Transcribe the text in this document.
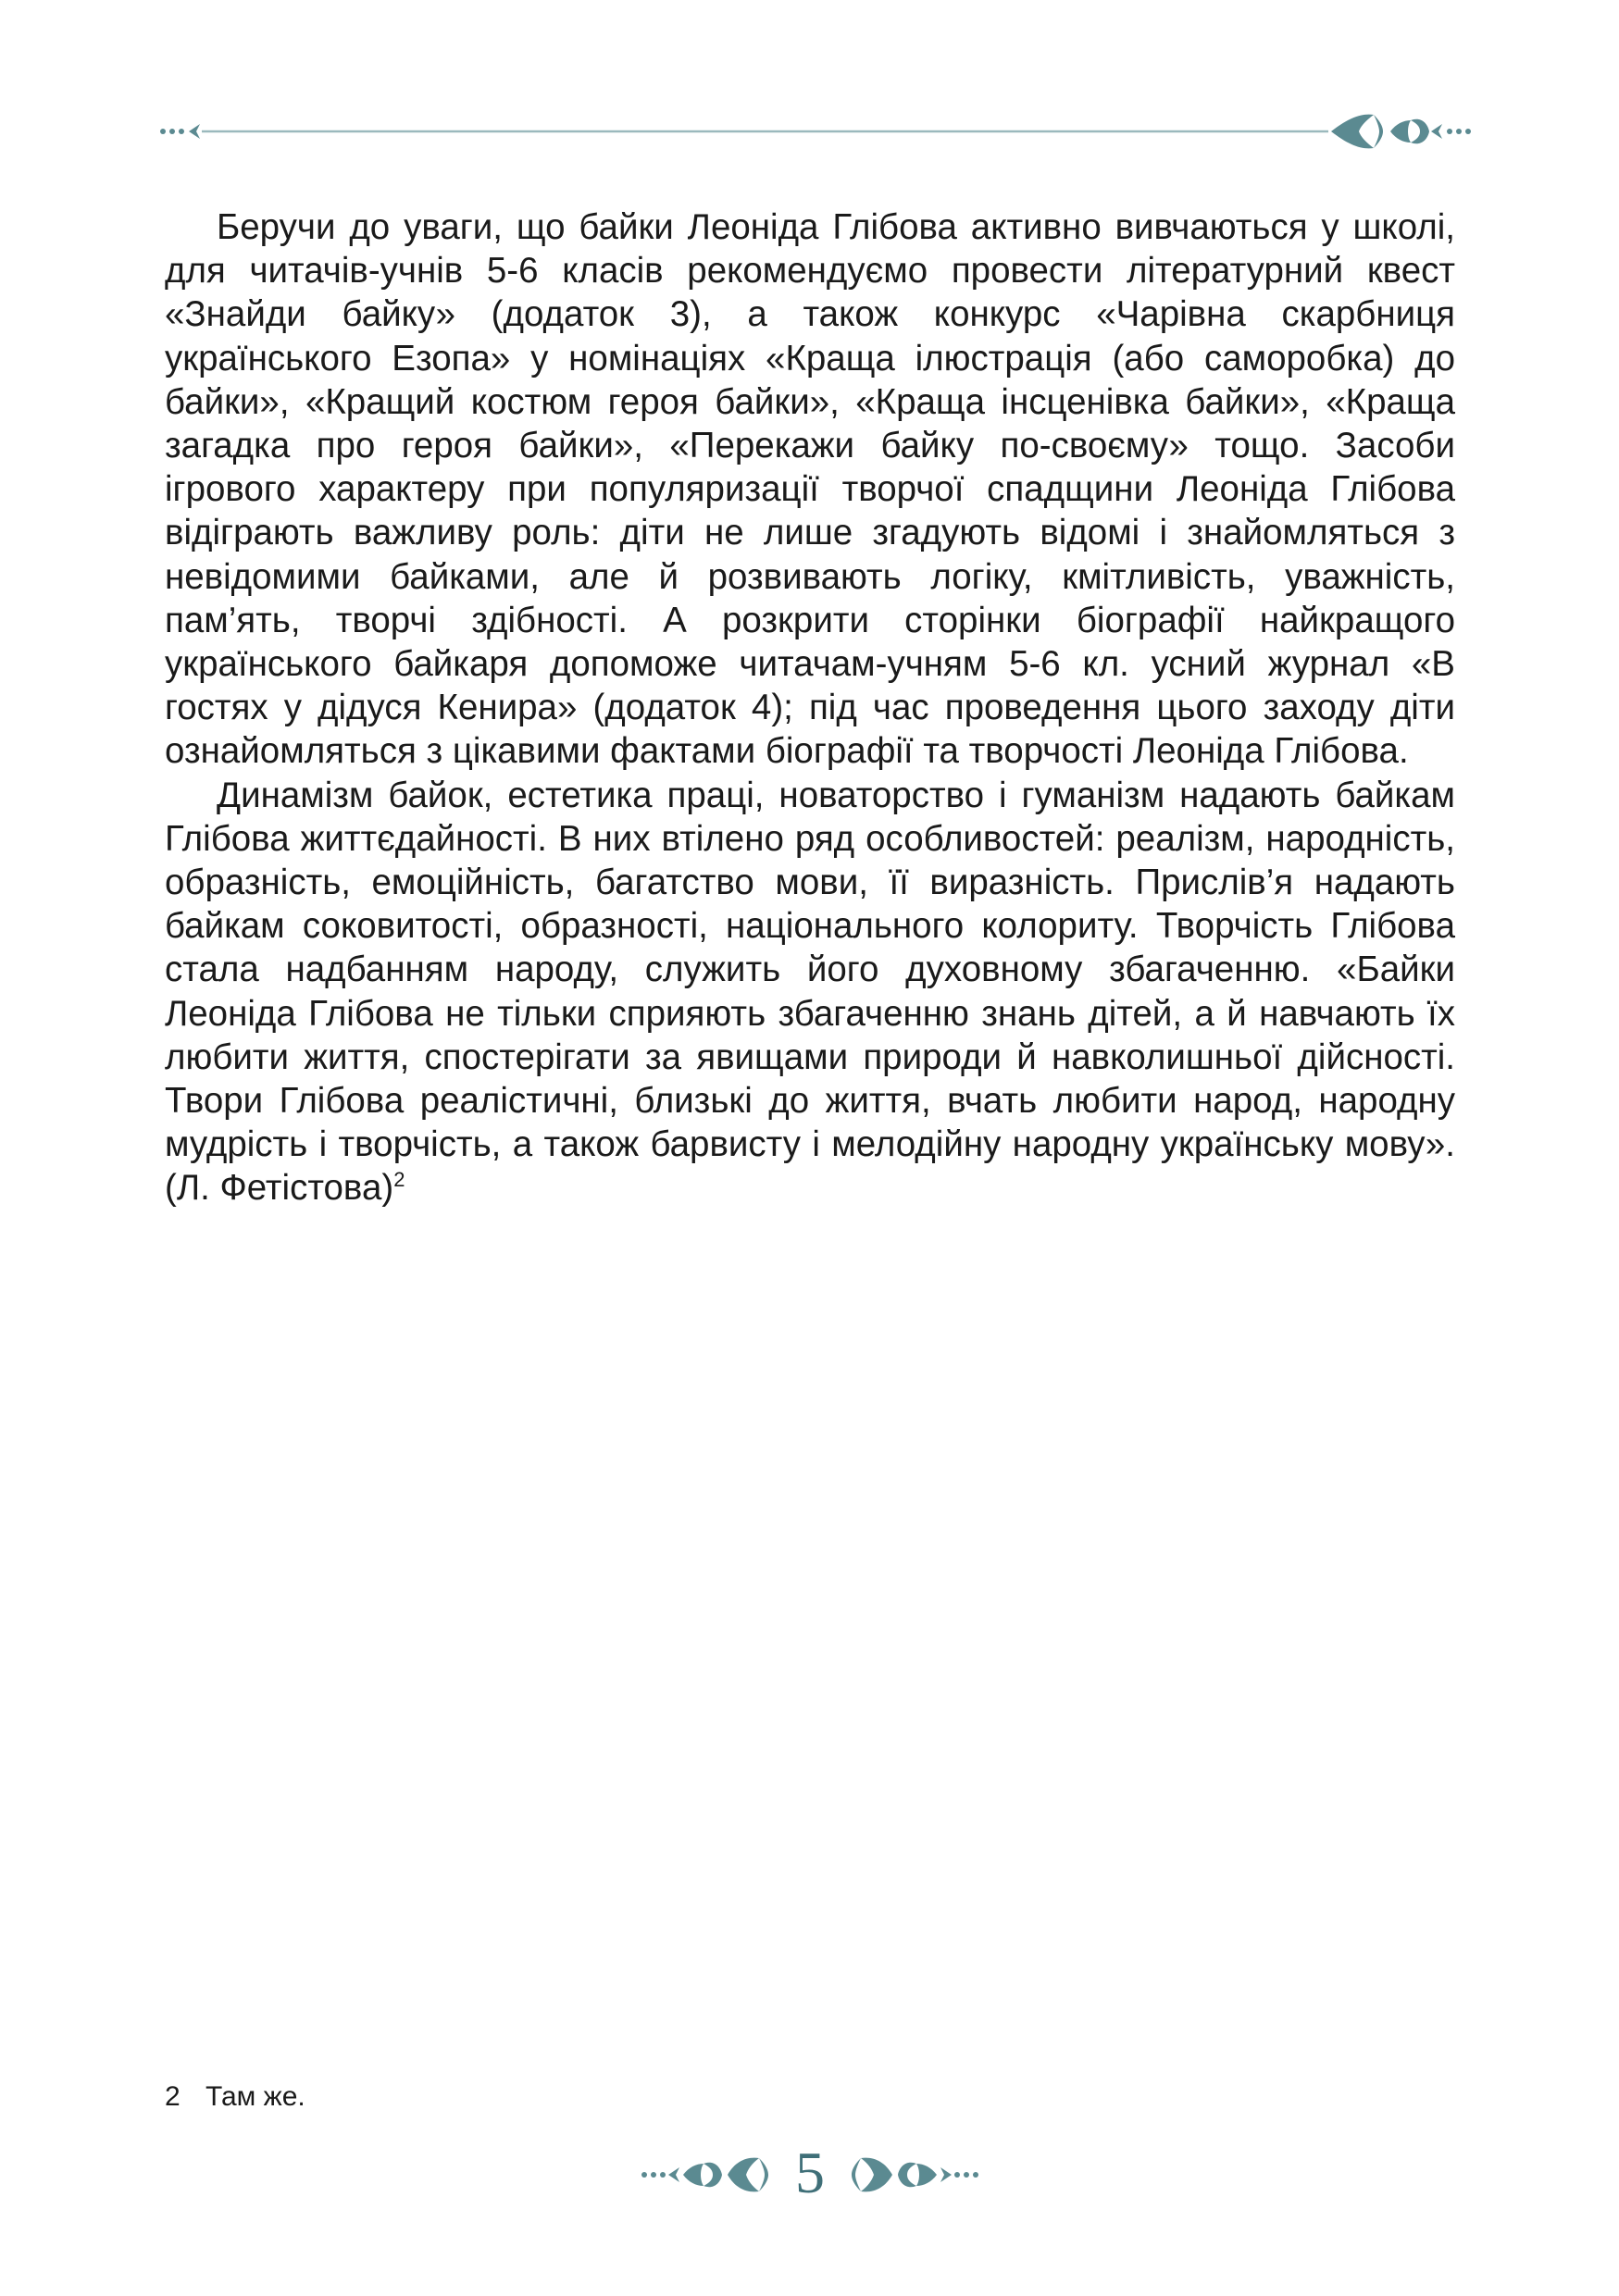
Беручи до уваги, що байки Леоніда Глібова активно вивчаються у школі, для читачів-учнів 5-6 класів рекомендуємо провести літературний квест «Знайди байку» (додаток 3), а також конкурс «Чарівна скарбниця українського Езопа» у номінаціях «Краща ілюстрація (або саморобка) до байки», «Кращий костюм героя байки», «Краща інсценівка байки», «Краща загадка про героя байки», «Перекажи байку по-своєму» тощо. Засоби ігрового характеру при популяризації творчої спадщини Леоніда Глібова відіграють важливу роль: діти не лише згадують відомі і знайомляться з невідомими байками, але й розвивають логіку, кмітливість, уважність, пам’ять, творчі здібності. А розкрити сторінки біографії найкращого українського байкаря допоможе читачам-учням 5-6 кл. усний журнал «В гостях у дідуся Кенира» (додаток 4); під час проведення цього заходу діти ознайомляться з цікавими фактами біографії та творчості Леоніда Глібова.

Динамізм байок, естетика праці, новаторство і гуманізм надають байкам Глібова життєдайності. В них втілено ряд особливостей: реалізм, народність, образність, емоційність, багатство мови, її виразність. Прислів’я надають байкам соковитості, образності, національного колориту. Творчість Глібова стала надбанням народу, служить його духовному збагаченню. «Байки Леоніда Глібова не тільки сприяють збагаченню знань дітей, а й навчають їх любити життя, спостерігати за явищами природи й навколишньої дійсності. Твори Глібова реалістичні, близькі до життя, вчать любити народ, народну мудрість і творчість, а також барвисту і мелодійну народну українську мову». (Л. Фетістова)$^2$

2 Там же.
5
